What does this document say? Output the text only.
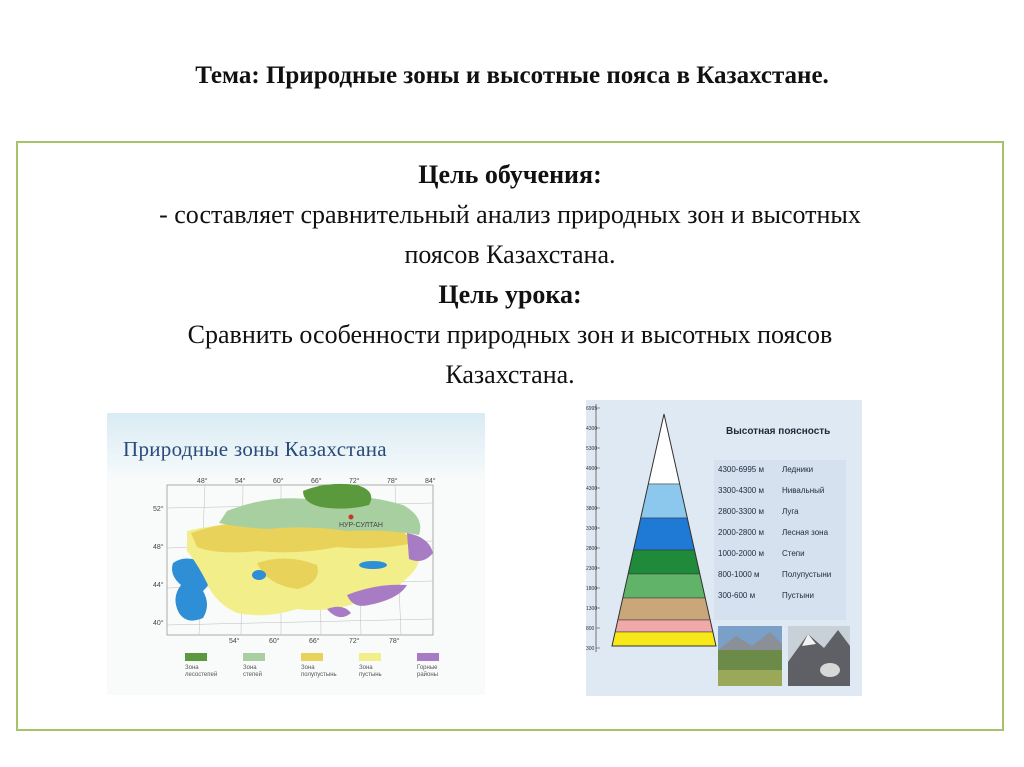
Тема: Природные зоны и высотные пояса в Казахстане.
Цель обучения:
- составляет сравнительный анализ природных зон и высотных
поясов Казахстана.
Цель урока:
Сравнить особенности природных зон и высотных поясов
Казахстана.
Природные зоны Казахстана
НУР-СУЛТАН
48°	54°	60°	66°	72°	78°	84°
54°	60°	66°	72°	78°
52°
48°
44°
40°
Зона
лесостепей
Зона
степей
Зона
полупустынь
Зона
пустынь
Горные
районы
6995
4300
5300
4900
4300
3800
3300
2800
2300
1800
1300
800
300
Высотная поясность
4300-6995 м Ледники
3300-4300 м Нивальный
2800-3300 м Луга
2000-2800 м Лесная зона
1000-2000 м Степи
800-1000 м	Полупустыни
300-600 м	Пустыни
